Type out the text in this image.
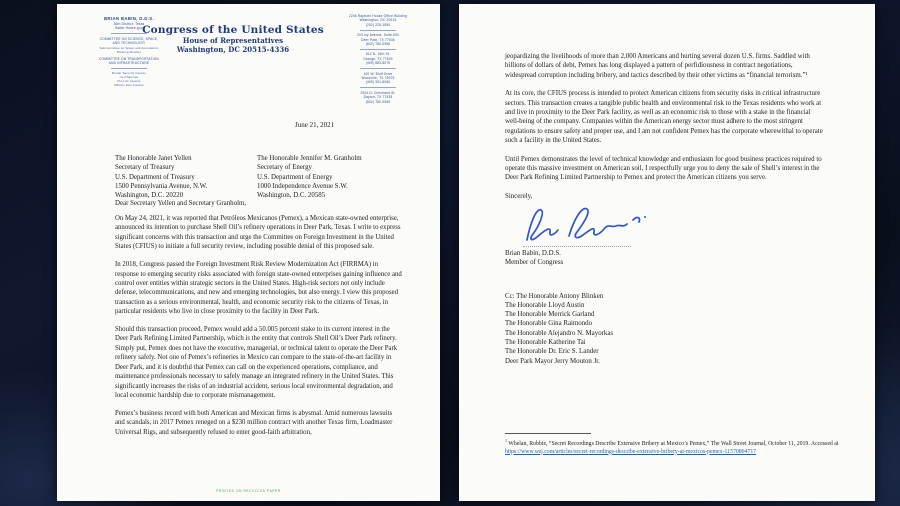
BRIAN BABIN, D.D.S.
36th District, Texas
Babin.House.gov
COMMITTEE ON SCIENCE, SPACE,
AND TECHNOLOGY
Subcommittee on Space and Aeronautics
Ranking Member
COMMITTEE ON TRANSPORTATION
AND INFRASTRUCTURE
Border Security Caucus
Co-Chairman
Pro-Life Caucus
Military Vets Caucus
Congress of the United States
House of Representatives
Washington, DC 20515-4336
2236 Rayburn House Office Building
Washington, DC 20515
(202) 225-1555
203 Ivy Avenue, Suite 600
Deer Park, TX 77536
(832) 780-0966
812 N. 16th St.
Orange, TX 77630
(409) 883-8075
100 W. Bluff Drive
Woodville, TX 75979
(409) 331-8066
2004 N. Cleveland St.
Dayton, TX 77535
(832) 780-0966
June 21, 2021
The Honorable Janet Yellen
Secretary of Treasury
U.S. Department of Treasury
1500 Pennsylvania Avenue, N.W.
Washington, D.C. 20220
The Honorable Jennifer M. Granholm
Secretary of Energy
U.S. Department of Energy
1000 Independence Avenue S.W.
Washington, D.C. 20585
Dear Secretary Yellen and Secretary Granholm,

On May 24, 2021, it was reported that Petróleos Mexicanos (Pemex), a Mexican state-owned enterprise, announced its intention to purchase Shell Oil’s refinery operations in Deer Park, Texas. I write to express significant concerns with this transaction and urge the Committee on Foreign Investment in the United States (CFIUS) to initiate a full security review, including possible denial of this proposed sale.

In 2018, Congress passed the Foreign Investment Risk Review Modernization Act (FIRRMA) in response to emerging security risks associated with foreign state-owned enterprises gaining influence and control over entities within strategic sectors in the United States. High-risk sectors not only include defense, telecommunications, and new and emerging technologies, but also energy. I view this proposed transaction as a serious environmental, health, and economic security risk to the citizens of Texas, in particular residents who live in close proximity to the facility in Deer Park.

Should this transaction proceed, Pemex would add a 50.005 percent stake to its current interest in the Deer Park Refining Limited Partnership, which is the entity that controls Shell Oil’s Deer Park refinery. Simply put, Pemex does not have the executive, managerial, or technical talent to operate the Deer Park refinery safely. Not one of Pemex’s refineries in Mexico can compare to the state-of-the-art facility in Deer Park, and it is doubtful that Pemex can call on the experienced operations, compliance, and maintenance professionals necessary to safely manage an integrated refinery in the United States. This significantly increases the risks of an industrial accident, serious local environmental degradation, and local economic hardship due to corporate mismanagement.

Pemex’s business record with both American and Mexican firms is abysmal. Amid numerous lawsuits and scandals, in 2017 Pemex reneged on a $230 million contract with another Texas firm, Loadmaster Universal Rigs, and subsequently refused to enter good-faith arbitration,

PRINTED ON RECYCLED PAPER

jeopardizing the livelihoods of more than 2,000 Americans and hurting several dozen U.S. firms. Saddled with billions of dollars of debt, Pemex has long displayed a pattern of perfidiousness in contract negotiations, widespread corruption including bribery, and tactics described by their other victims as “financial terrorism.”¹

At its core, the CFIUS process is intended to protect American citizens from security risks in critical infrastructure sectors. This transaction creates a tangible public health and environmental risk to the Texas residents who work at and live in proximity to the Deer Park facility, as well as an economic risk to those with a stake in the financial well-being of the company. Companies within the American energy sector must adhere to the most stringent regulations to ensure safety and proper use, and I am not confident Pemex has the corporate wherewithal to operate such a facility in the United States.

Until Pemex demonstrates the level of technical knowledge and enthusiasm for good business practices required to operate this massive investment on American soil, I respectfully urge you to deny the sale of Shell’s interest in the Deer Park Refining Limited Partnership to Pemex and protect the American citizens you serve.

Sincerely,
Brian Babin, D.D.S.
Member of Congress
Cc: The Honorable Antony Blinken
The Honorable Lloyd Austin
The Honorable Merrick Garland
The Honorable Gina Raimondo
The Honorable Alejandro N. Mayorkas
The Honorable Katherine Tai
The Honorable Dr. Eric S. Lander
Deer Park Mayor Jerry Mouton Jr.
$^1$ Whelan, Robbie, “Secret Recordings Describe Extensive Bribery at Mexico’s Pemex,” The Wall Street Journal, October 11, 2019. Accessed at https://www.wsj.com/articles/secret-recordings-describe-extensive-bribery-at-mexicos-pemex-11570804717
